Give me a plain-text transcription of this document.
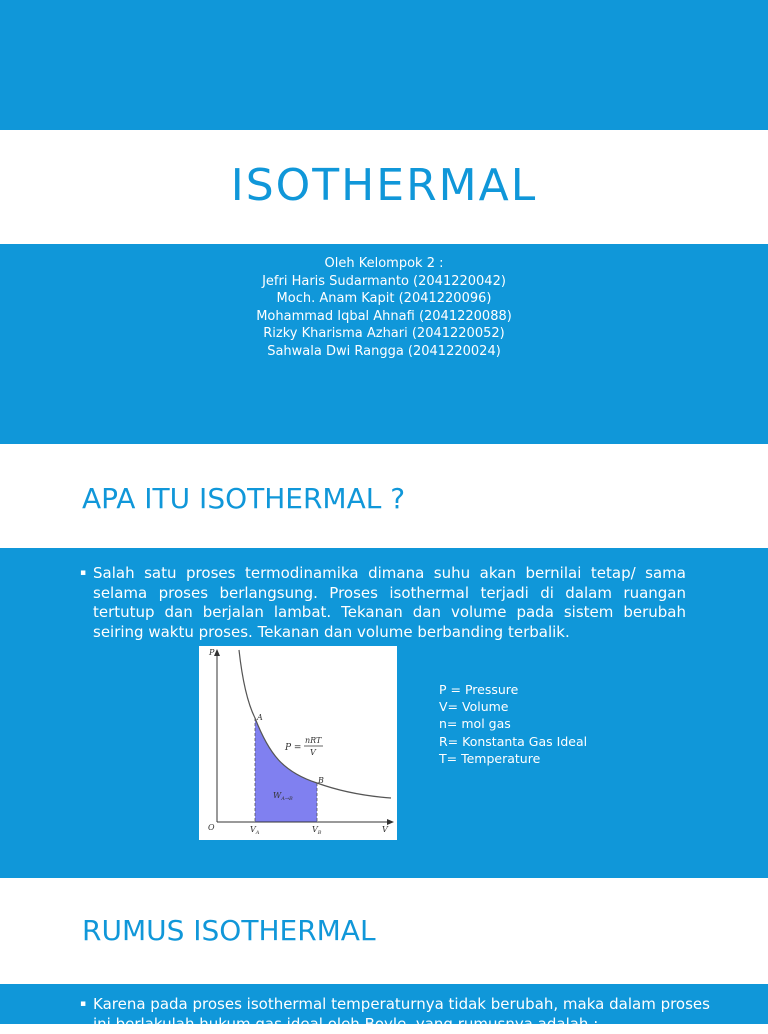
ISOTHERMAL
Oleh Kelompok 2 :
Jefri Haris Sudarmanto (2041220042)
Moch. Anam Kapit (2041220096)
Mohammad Iqbal Ahnafi (2041220088)
Rizky Kharisma Azhari (2041220052)
Sahwala Dwi Rangga (2041220024)
APA ITU ISOTHERMAL ?
▪ Salah satu proses termodinamika dimana suhu akan bernilai tetap/ sama selama proses berlangsung. Proses isothermal terjadi di dalam ruangan tertutup dan berjalan lambat. Tekanan dan volume pada sistem berubah seiring waktu proses. Tekanan dan volume berbanding terbalik.
P
V
O
A
B
$V_A$	$V_B$
P =
nRT
V
$W_{A\to B}$
P = Pressure
V= Volume
n= mol gas
R= Konstanta Gas Ideal
T= Temperature
RUMUS ISOTHERMAL
▪ Karena pada proses isothermal temperaturnya tidak berubah, maka dalam proses
ini berlakulah hukum gas ideal oleh Boyle, yang rumusnya adalah :
